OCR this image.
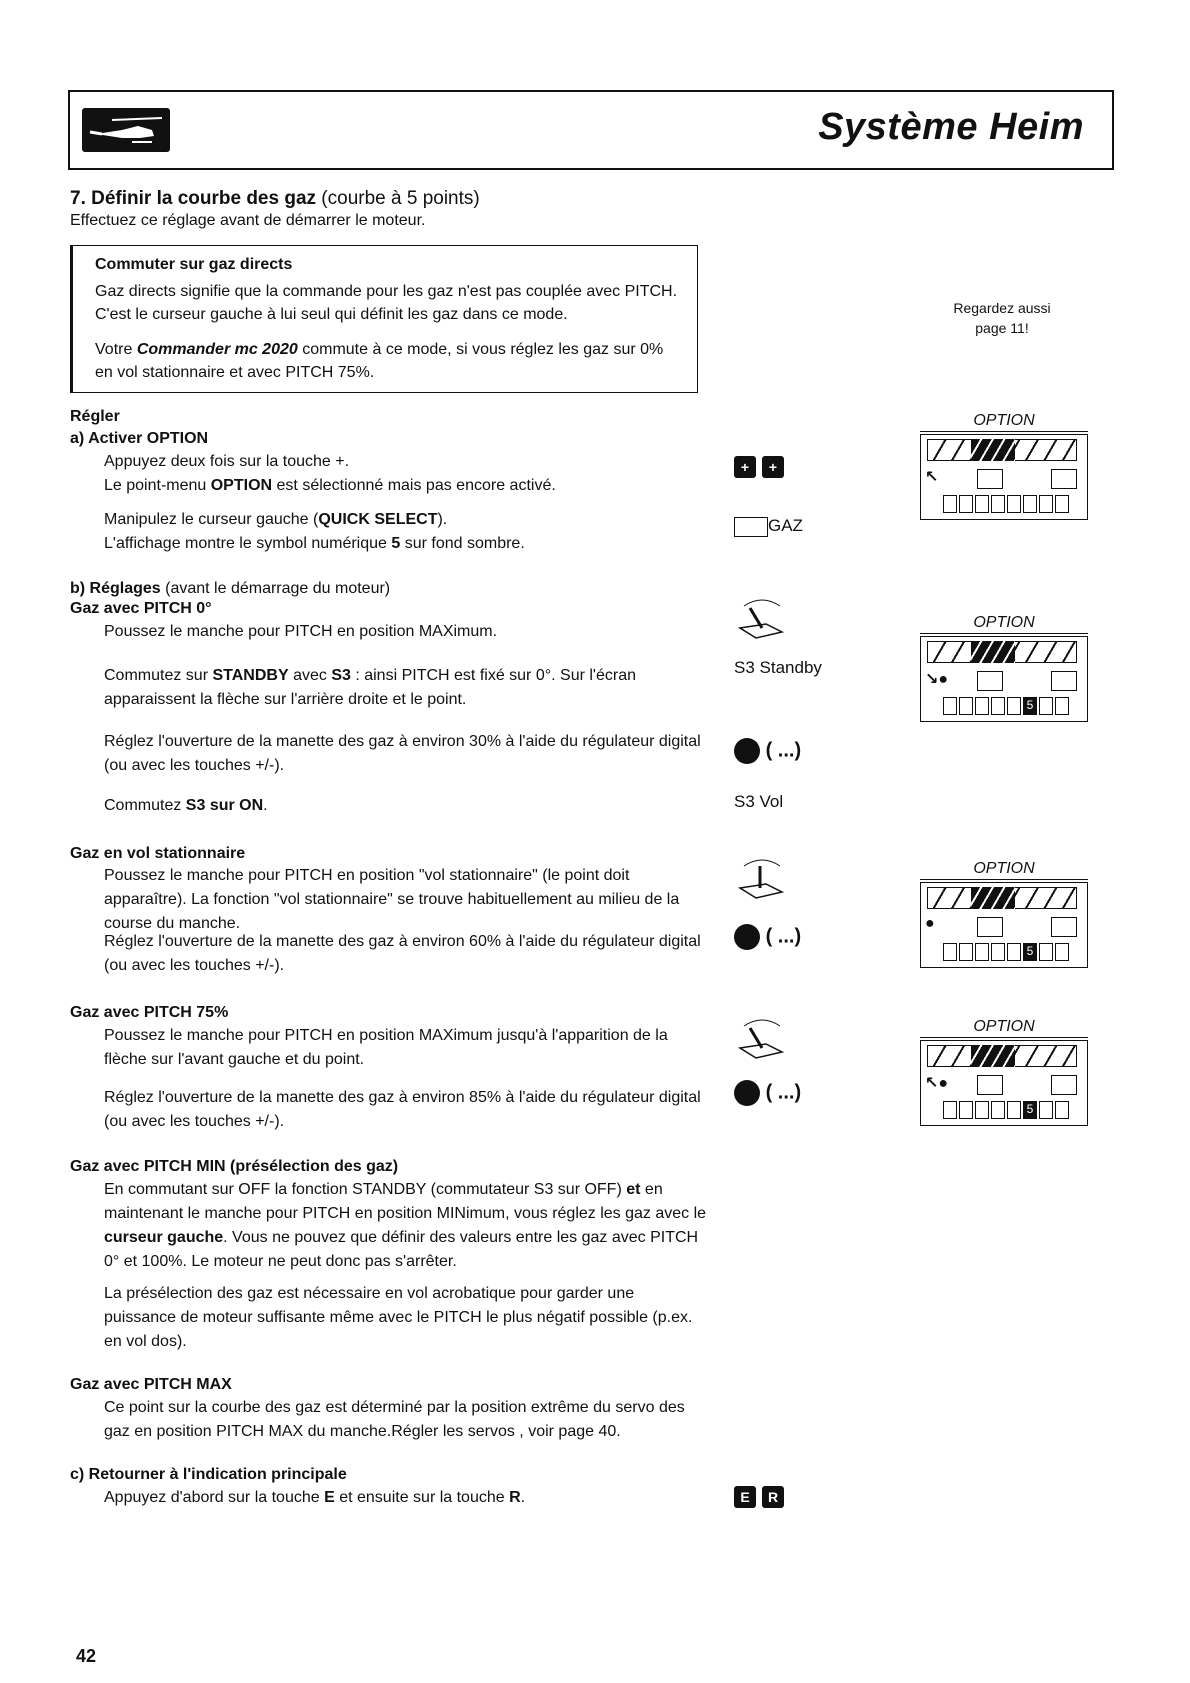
Système Heim
7. Définir la courbe des gaz (courbe à 5 points)
Effectuez ce réglage avant de démarrer le moteur.
Commuter sur gaz directs
Gaz directs signifie que la commande pour les gaz n'est pas couplée avec PITCH. C'est le curseur gauche à lui seul qui définit les gaz dans ce mode.
Votre Commander mc 2020 commute à ce mode, si vous réglez les gaz sur 0% en vol stationnaire et avec PITCH 75%.
Regardez aussi
page 11!
Régler
a) Activer OPTION
Appuyez deux fois sur la touche +.
Le point-menu OPTION est sélectionné mais pas encore activé.
Manipulez le curseur gauche (QUICK SELECT).
L'affichage montre le symbol numérique 5 sur fond sombre.
b) Réglages (avant le démarrage du moteur)
Gaz avec PITCH 0°
Poussez le manche pour PITCH en position MAXimum.
Commutez sur STANDBY avec S3 : ainsi PITCH est fixé sur 0°. Sur l'écran apparaissent la flèche sur l'arrière droite et le point.
Réglez l'ouverture de la manette des gaz à environ 30% à l'aide du régulateur digital (ou avec les touches +/-).
Commutez S3 sur ON.
Gaz en vol stationnaire
Poussez le manche pour PITCH en position "vol stationnaire" (le point doit apparaître). La fonction "vol stationnaire" se trouve habituellement au milieu de la course du manche.
Réglez l'ouverture de la manette des gaz à environ 60% à l'aide du régulateur digital (ou avec les touches +/-).
Gaz avec PITCH 75%
Poussez le manche pour PITCH en position MAXimum jusqu'à l'apparition de la flèche sur l'avant gauche et du point.
Réglez l'ouverture de la manette des gaz à environ 85% à l'aide du régulateur digital (ou avec les touches +/-).
Gaz avec PITCH MIN (présélection des gaz)
En commutant sur OFF la fonction STANDBY (commutateur S3 sur OFF) et en maintenant le manche pour PITCH en position MINimum, vous réglez les gaz avec le curseur gauche. Vous ne pouvez que définir des valeurs entre les gaz avec PITCH 0° et 100%. Le moteur ne peut donc pas s'arrêter.
La présélection des gaz est nécessaire en vol acrobatique pour garder une puissance de moteur suffisante même avec le PITCH le plus négatif possible (p.ex. en vol dos).
Gaz avec PITCH MAX
Ce point sur la courbe des gaz est déterminé par la position extrême du servo des gaz en position PITCH MAX du manche.Régler les servos , voir page 40.
c) Retourner à l'indication principale
Appuyez d'abord sur la touche E et ensuite sur la touche R.
+	+
GAZ
S3 Standby
( ...)
S3 Vol
( ...)
( ...)
E	R
OPTION
↖
OPTION
↘●
5
OPTION
●
5
OPTION
↖●
5
42
